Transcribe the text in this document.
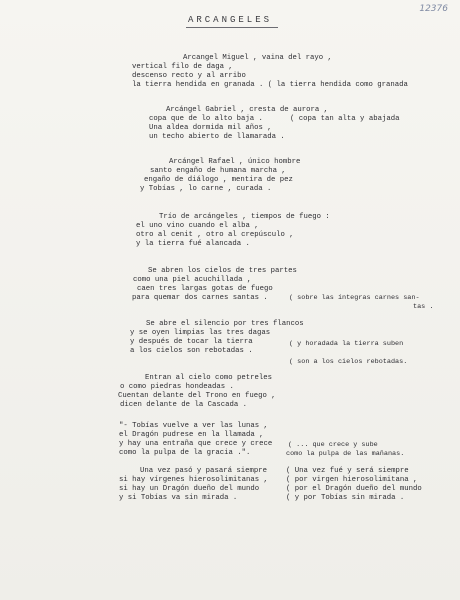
12376
ARCANGELES
Arcangel Miguel , vaina del rayo ,
vertical filo de daga ,
descenso recto y al arribo
la tierra hendida en granada . ( la tierra hendida como granada
Arcángel Gabriel , cresta de aurora ,
copa que de lo alto baja .
Una aldea dormida mil años ,
un techo abierto de llamarada .
( copa tan alta y abajada
Arcángel Rafael , único hombre
santo engaño de humana marcha ,
engaño de diálogo , mentira de pez
y Tobías , lo carne , curada .
Trío de arcángeles , tiempos de fuego :
el uno vino cuando el alba ,
otro al cenit , otro al crepúsculo ,
y la tierra fué alancada .
Se abren los cielos de tres partes
como una piel acuchillada ,
caen tres largas gotas de fuego
para quemar dos carnes santas .	( sobre las íntegras carnes san-
tas .
Se abre el silencio por tres flancos
y se oyen limpias las tres dagas
y después de tocar la tierra
a los cielos son rebotadas .
( y horadada la tierra suben
( son a los cielos rebotadas.
Entran al cielo como petreles
o como piedras hondeadas .
Cuentan delante del Trono en fuego ,
dicen delante de la Cascada .
"- Tobías vuelve a ver las lunas ,
el Dragón pudrese en la llamada ,
y hay una entraña que crece y crece
como la pulpa de la gracia .".
( ... que crece y sube
como la pulpa de las mañanas.
Una vez pasó y pasará siempre
si hay vírgenes hierosolimitanas ,
si hay un Dragón dueño del mundo
y si Tobías va sin mirada .
( Una vez fué y será siempre
( por virgen hierosolimitana ,
( por el Dragón dueño del mundo
( y por Tobías sin mirada .
